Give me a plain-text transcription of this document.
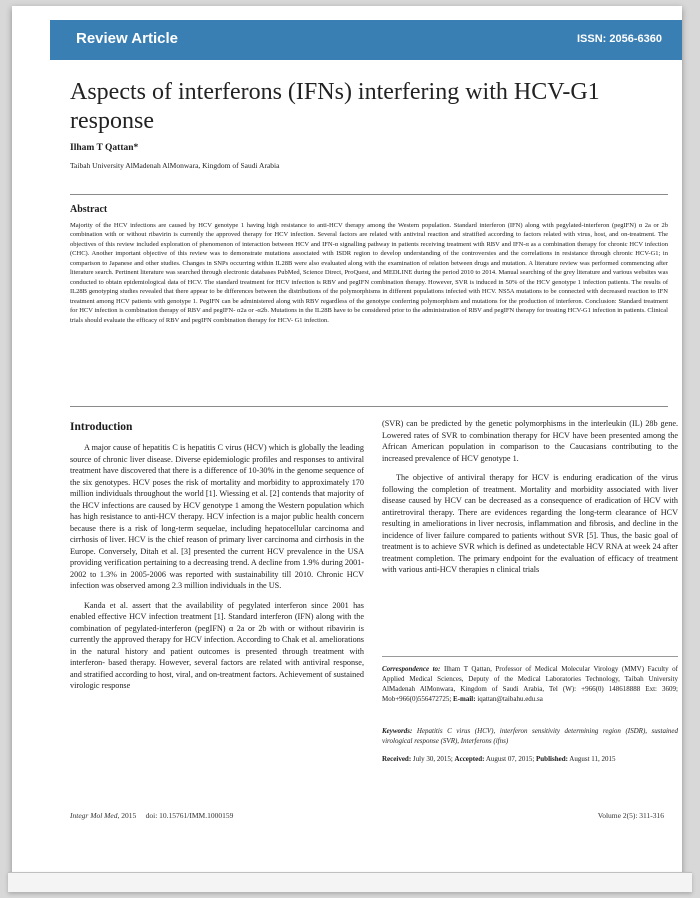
Review Article	ISSN: 2056-6360
Aspects of interferons (IFNs) interfering with HCV-G1 response
Ilham T Qattan*
Taibah University AlMadenah AlMonwara, Kingdom of Saudi Arabia
Abstract
Majority of the HCV infections are caused by HCV genotype 1 having high resistance to anti-HCV therapy among the Western population. Standard interferon (IFN) along with pegylated-interferon (pegIFN) α 2a or 2b combination with or without ribavirin is currently the approved therapy for HCV infection. Several factors are related with antiviral reaction and stratified according to factors related with virus, host, and on-treatment. The objectives of this review included exploration of phenomenon of interaction between HCV and IFN-α signalling pathway in patients receiving treatment with RBV and IFN-α as a combination therapy for chronic HCV infection (CHC). Another important objective of this review was to demonstrate mutations associated with ISDR region to develop understanding of the controversies and the correlations in resistance through chronic HCV-G1; in comparison to Japanese and other studies. Changes in SNPs occurring within IL28B were also evaluated along with the examination of relation between drugs and mutation. A literature review was performed commencing after literature search. Pertinent literature was searched through electronic databases PubMed, Science Direct, ProQuest, and MEDLINE during the period 2010 to 2014. Manual searching of the grey literature and various websites was conducted to obtain epidemiological data of HCV. The standard treatment for HCV infection is RBV and pegIFN combination therapy. However, SVR is induced in 50% of the HCV genotype 1 infection patients. The results of IL28B genotyping studies revealed that there appear to be differences between the distributions of the polymorphisms in different populations infected with HCV. NS5A mutations to be connected with decreased reaction to IFN treatment among HCV patients with genotype 1. PegIFN can be administered along with RBV regardless of the genotype conferring polymorphism and mutations for the production of interferon. Conclusion: Standard treatment for HCV infection is combination therapy of RBV and pegIFN- α2a or -α2b. Mutations in the IL28B have to be considered prior to the administration of RBV and pegIFN therapy for treating HCV-G1 infection in patients. Clinical trials should evaluate the efficacy of RBV and pegIFN combination therapy for HCV- G1 infection.
Introduction

A major cause of hepatitis C is hepatitis C virus (HCV) which is globally the leading source of chronic liver disease. Diverse epidemiologic profiles and responses to antiviral treatment have discovered that there is a difference of 10-30% in the genome sequence of the six genotypes. HCV poses the risk of mortality and morbidity to approximately 170 million individuals throughout the world [1]. Wiessing et al. [2] contends that majority of the HCV infections are caused by HCV genotype 1 among the Western population which has high resistance to anti-HCV therapy. HCV infection is a major public health concern because there is a risk of long-term sequelae, including hepatocellular carcinoma and cirrhosis of liver. HCV is the chief reason of primary liver carcinoma and cirrhosis in the Europe. Conversely, Ditah et al. [3] presented the current HCV prevalence in the USA providing verification pertaining to a decreasing trend. A decline from 1.9% during 2001-2002 to 1.3% in 2005-2006 was reported with sustainability till 2010. Chronic HCV infection was observed among 2.3 million individuals in the US.

Kanda et al. assert that the availability of pegylated interferon since 2001 has enabled effective HCV infection treatment [1]. Standard interferon (IFN) along with the combination of pegylated-interferon (pegIFN) α 2a or 2b with or without ribavirin is currently the approved therapy for HCV infection. According to Chak et al. ameliorations in the natural history and patient outcomes is presented through treatment with interferon- based therapy. However, several factors are related with antiviral response, and stratified according to host, viral, and on-treatment factors. Achievement of sustained virologic response

(SVR) can be predicted by the genetic polymorphisms in the interleukin (IL) 28b gene. Lowered rates of SVR to combination therapy for HCV have been presented among the African American population in comparison to the Caucasians contributing to the increased prevalence of HCV genotype 1.

The objective of antiviral therapy for HCV is enduring eradication of the virus following the completion of treatment. Mortality and morbidity associated with liver disease caused by HCV can be decreased as a consequence of eradication of HCV with antiretroviral therapy. There are evidences regarding the long-term clearance of HCV resulting in ameliorations in liver necrosis, inflammation and fibrosis, and decline in the incidence of liver failure compared to patients without SVR [5]. Thus, the basic goal of treatment is to achieve SVR which is defined as undetectable HCV RNA at week 24 after treatment completion. The primary endpoint for the evaluation of efficacy of treatment with various anti-HCV therapies n clinical trials

Correspondence to: Ilham T Qattan, Professor of Medical Molecular Virology (MMV) Faculty of Applied Medical Sciences, Deputy of the Medical Laboratories Technology, Taibah University AlMadenah AlMonwara, Kingdom of Saudi Arabia, Tel (W): +966(0) 148618888 Ext: 3609; Mob+966(0)556472725; E-mail: iqattan@taibahu.edu.sa
Keywords: Hepatitis C virus (HCV), interferon sensitivity determining region (ISDR), sustained virological response (SVR), Interferons (ifns)
Received: July 30, 2015; Accepted: August 07, 2015; Published: August 11, 2015
Integr Mol Med, 2015 doi: 10.15761/IMM.1000159	Volume 2(5): 311-316
